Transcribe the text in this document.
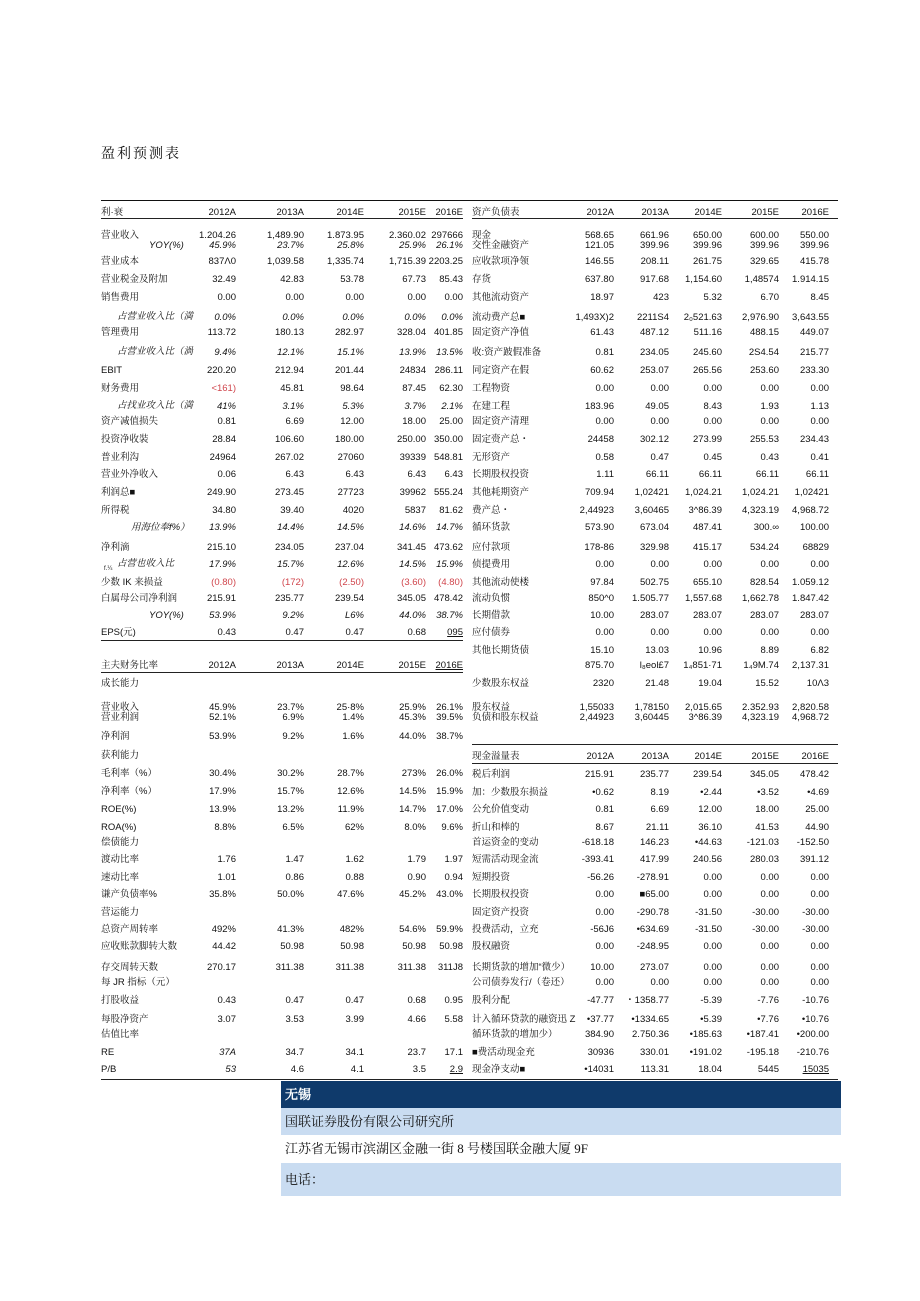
盈利预测表
利·衰	2012A	2013A	2014E	2015E	2016E
营业收入	1.204.26	1,489.90	1.873.95	2.360.02 297666
YOY(%)	45.9%	23.7%	25.8%	25.9%	26.1%
营业成本	837Λ0	1,039.58	1,335.74	1,715.39 2203.25
营业税金及附加	32.49	42.83	53.78	67.73	85.43
销售费用	0.00	0.00	0.00	0.00	0.00
占营业收入比（満	0.0%	0.0%	0.0%	0.0%	0.0%
管理费用	113.72	180.13	282.97	328.04 401.85
占营业收入比（渦	9.4%	12.1%	15.1%	13.9%	13.5%
EBIT	220.20	212.94	201.44	24834 286.11
财务费用	<161)	45.81	98.64	87.45	62.30
占找业攻入比（満	41%	3.1%	5.3%	3.7%	2.1%
资产减值损失	0.81	6.69	12.00	18.00	25.00
投资净收裝	28.84	106.60	180.00	250.00 350.00
普业利沟	24964	267.02	27060	39339 548.81
营业外净收入	0.06	6.43	6.43	6.43	6.43
利润总■	249.90	273.45	27723	39962 555.24
所得税	34.80	39.40	4020	5837	81.62
用海位奉f%）	13.9%	14.4%	14.5%	14.6%	14.7%
净利滴	215.10	234.05	237.04	341.45 473.62
占营也收入比	17.9%	15.7%	12.6%	14.5%	15.9%
少数 IK 来损益	(0.80)	(172)	(2.50)	(3.60)	(4.80)
白属母公司净利润	215.91	235.77	239.54	345.05 478.42
YOY(%)	53.9%	9.2%	L6%	44.0%	38.7%
EPS(元)	0.43	0.47	0.47	0.68	095
主夫财务比率	2012A	2013A	2014E	2015E	2016E
成长能力
营业收入	45.9%	23.7%	25·8%	25.9%	26.1%
营业利润	52.1%	6.9%	1.4%	45.3%	39.5%
净利润	53.9%	9.2%	1.6%	44.0%	38.7%
获利能力
毛利率（%）	30.4%	30.2%	28.7%	273%	26.0%
净利率（%）	17.9%	15.7%	12.6%	14.5%	15.9%
ROE(%)	13.9%	13.2%	11.9%	14.7%	17.0%
ROA(%)	8.8%	6.5%	62%	8.0%	9.6%
偿债能力
渡动比率	1.76	1.47	1.62	1.79	1.97
速动比率	1.01	0.86	0.88	0.90	0.94
谦产负债率%	35.8%	50.0%	47.6%	45.2%	43.0%
营运能力
总资产周转率	492%	41.3%	482%	54.6%	59.9%
应收账款脚转大数	44.42	50.98	50.98	50.98	50.98
存交周转天数	270.17	311.38	311.38	311.38	311J8
每 JR 指标（元）
打股收益	0.43	0.47	0.47	0.68	0.95
每股净资产	3.07	3.53	3.99	4.66	5.58
估值比率
RE	37A	34.7	34.1	23.7	17.1
P/B	53	4.6	4.1	3.5	2.9
资产负债表	2012A	2013A	2014E	2015E	2016E
现金	568.65	661.96	650.00	600.00	550.00
交性金融资产	121.05	399.96	399.96	399.96	399.96
应收款项净领	146.55	208.11	261.75	329.65	415.78
存货	637.80	917.68	1,154.60	1,48574	1.914.15
其他流动资产	18.97	423	5.32	6.70	8.45
流动费产总■	1,493X)2	2211S4	2₀521.63	2,976.90	3,643.55
固定资产净值	61.43	487.12	511.16	488.15	449.07
收:资产跛假准备	0.81	234.05	245.60	2S4.54	215.77
同定资产在假	60.62	253.07	265.56	253.60	233.30
工程物资	0.00	0.00	0.00	0.00	0.00
在建工程	183.96	49.05	8.43	1.93	1.13
固定资产清理	0.00	0.00	0.00	0.00	0.00
固定赍产总・	24458	302.12	273.99	255.53	234.43
无形资产	0.58	0.47	0.45	0.43	0.41
长期股权投资	1.11	66.11	66.11	66.11	66.11
其他耗期资产	709.94	1,02421	1,024.21	1,024.21	1,02421
费产总・	2,44923	3,60465	3^86.39	4,323.19	4,968.72
循环货款	573.90	673.04	487.41	300.∞	100.00
应付款项	178-86	329.98	415.17	534.24	68829
侦提费用	0.00	0.00	0.00	0.00	0.00
其他流动使楼	97.84	502.75	655.10	828.54	1.059.12
流动负惯	850^0	1.505.77	1,557.68	1,662.78	1.847.42
长期借款	10.00	283.07	283.07	283.07	283.07
应付债券	0.00	0.00	0.00	0.00	0.00
其他长期货债	15.10	13.03	10.96	8.89	6.82
875.70	l₈eol£7	1₄851·71	1₄9M.74	2,137.31
少数股东权益	2320	21.48	19.04	15.52	10Λ3
股东权益	1,55033	1,78150	2,015.65	2.352.93	2,820.58
负债和股东权益	2,44923	3,60445	3^86.39	4,323.19	4,968.72
现金溢量表	2012A	2013A	2014E	2015E	2016E
税后利润	215.91	235.77	239.54	345.05	478.42
加：少数股东损益	•0.62	8.19	•2.44	•3.52	•4.69
公允价值变动	0.81	6.69	12.00	18.00	25.00
折山和棒的	8.67	21.11	36.10	41.53	44.90
首运资金的变动	-618.18	146.23	•44.63	-121.03	-152.50
短需活动现金流	-393.41	417.99	240.56	280.03	391.12
短期投资	-56.26	-278.91	0.00	0.00	0.00
长期股权投资	0.00	■65.00	0.00	0.00	0.00
固定资产投资	0.00	-290.78	-31.50	-30.00	-30.00
投费活动，立充	-56J6	•634.69	-31.50	-30.00	-30.00
股权融资	0.00	-248.95	0.00	0.00	0.00
长期货款的增加“微少）	10.00	273.07	0.00	0.00	0.00
公司债券发行/（卷还）	0.00	0.00	0.00	0.00	0.00
股利分配	-47.77	・1358.77	-5.39	-7.76	-10.76
计入循环贷款的融资迅 Z	•37.77	•1334.65	•5.39	•7.76	•10.76
循环货款的增加少）	384.90	2.750.36	•185.63	•187.41	•200.00
■费活动现金充	30936	330.01	•191.02	-195.18	-210.76
现金净支动■	•14031	113.31	18.04	5445	15035
无锡
国联证券股份有限公司研究所
江苏省无锡市滨湖区金融一街 8 号楼国联金融大厦 9F
电话：
f.¼
